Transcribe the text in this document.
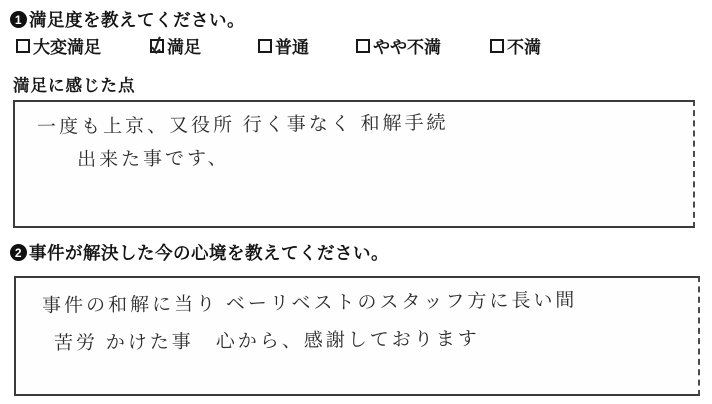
1 満足度を教えてください。
大変満足	満足	普通	やや不満	不満
満足に感じた点
一度も上京、又役所 行く事なく 和解手続
出来た事です、
2 事件が解決した今の心境を教えてください。
事件の和解に当り ベーリベストのスタッフ方に長い間
苦労 かけた事　心から、感謝しております
